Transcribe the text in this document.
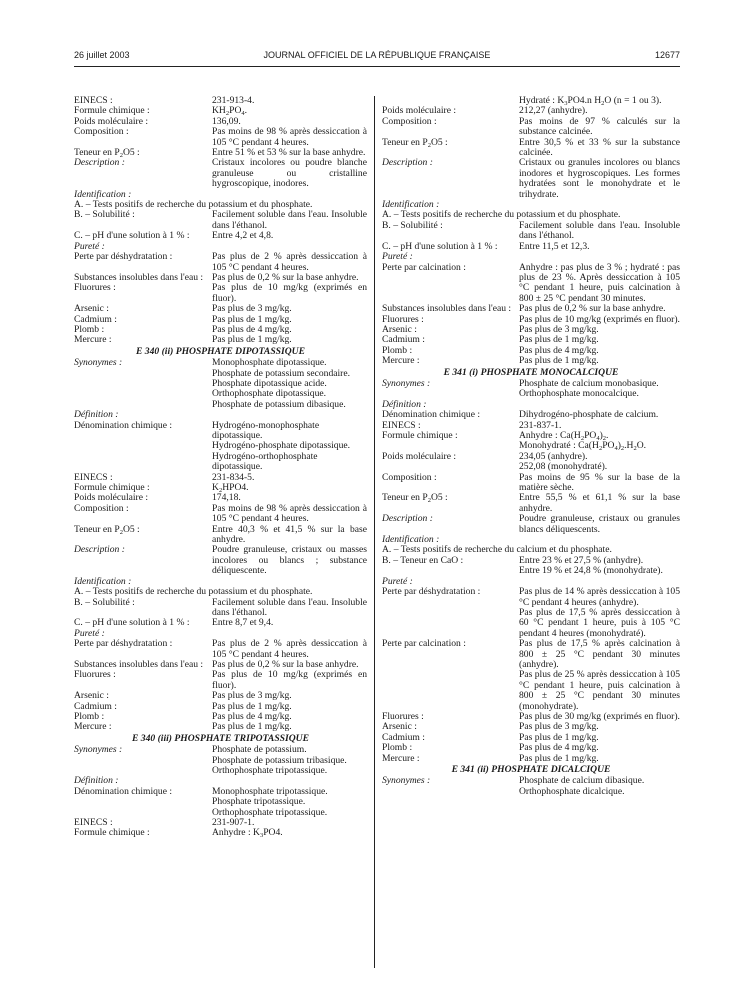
26 juillet 2003	JOURNAL OFFICIEL DE LA RÉPUBLIQUE FRANÇAISE	12677
EINECS :	231-913-4.
Formule chimique :	$KH_2PO_4$.
Poids moléculaire :	136,09.
Composition :	Pas moins de 98 % après dessiccation à 105 °C pendant 4 heures.
Teneur en $P_2O5$ :	Entre 51 % et 53 % sur la base anhydre.
Description :	Cristaux incolores ou poudre blanche granuleuse ou cristalline hygroscopique, inodores.
Identification :
A. – Tests positifs de recherche du potassium et du phosphate.
B. – Solubilité :	Facilement soluble dans l'eau. Insoluble dans l'éthanol.
C. – pH d'une solution à 1 % :	Entre 4,2 et 4,8.
Pureté :
Perte par déshydratation :	Pas plus de 2 % après dessiccation à 105 °C pendant 4 heures.
Substances insolubles dans l'eau : Pas plus de 0,2 % sur la base anhydre.
Fluorures :	Pas plus de 10 mg/kg (exprimés en fluor).
Arsenic :	Pas plus de 3 mg/kg.
Cadmium :	Pas plus de 1 mg/kg.
Plomb :	Pas plus de 4 mg/kg.
Mercure :	Pas plus de 1 mg/kg.
E 340 (ii) PHOSPHATE DIPOTASSIQUE
Synonymes :	Monophosphate dipotassique.
Phosphate de potassium secondaire.
Phosphate dipotassique acide.
Orthophosphate dipotassique.
Phosphate de potassium dibasique.
Définition :
Dénomination chimique :	Hydrogéno-monophosphate dipotassique.
Hydrogéno-phosphate dipotassique.
Hydrogéno-orthophosphate dipotassique.
EINECS :	231-834-5.
Formule chimique :	$K_2HPO4$.
Poids moléculaire :	174,18.
Composition :	Pas moins de 98 % après dessiccation à 105 °C pendant 4 heures.
Teneur en $P_2O5$ :	Entre 40,3 % et 41,5 % sur la base anhydre.
Description :	Poudre granuleuse, cristaux ou masses incolores ou blancs ; substance déliquescente.
Identification :
A. – Tests positifs de recherche du potassium et du phosphate.
B. – Solubilité :	Facilement soluble dans l'eau. Insoluble dans l'éthanol.
C. – pH d'une solution à 1 % :	Entre 8,7 et 9,4.
Pureté :
Perte par déshydratation :	Pas plus de 2 % après dessiccation à 105 °C pendant 4 heures.
Substances insolubles dans l'eau : Pas plus de 0,2 % sur la base anhydre.
Fluorures :	Pas plus de 10 mg/kg (exprimés en fluor).
Arsenic :	Pas plus de 3 mg/kg.
Cadmium :	Pas plus de 1 mg/kg.
Plomb :	Pas plus de 4 mg/kg.
Mercure :	Pas plus de 1 mg/kg.
E 340 (iii) PHOSPHATE TRIPOTASSIQUE
Synonymes :	Phosphate de potassium.
Phosphate de potassium tribasique.
Orthophosphate tripotassique.
Définition :
Dénomination chimique :	Monophosphate tripotassique.
Phosphate tripotassique.
Orthophosphate tripotassique.
EINECS :	231-907-1.
Formule chimique :	Anhydre : $K_3PO4$.
Hydraté : $K_3PO4.n$ $H_2O$ (n = 1 ou 3).
Poids moléculaire :	212,27 (anhydre).
Composition :	Pas moins de 97 % calculés sur la substance calcinée.
Teneur en $P_2O5$ :	Entre 30,5 % et 33 % sur la substance calcinée.
Description :	Cristaux ou granules incolores ou blancs inodores et hygroscopiques. Les formes hydratées sont le monohydrate et le trihydrate.
Identification :
A. – Tests positifs de recherche du potassium et du phosphate.
B. – Solubilité :	Facilement soluble dans l'eau. Insoluble dans l'éthanol.
C. – pH d'une solution à 1 % :	Entre 11,5 et 12,3.
Pureté :
Perte par calcination :	Anhydre : pas plus de 3 % ; hydraté : pas plus de 23 %. Après dessiccation à 105 °C pendant 1 heure, puis calcination à 800 ± 25 °C pendant 30 minutes.
Substances insolubles dans l'eau : Pas plus de 0,2 % sur la base anhydre.
Fluorures :	Pas plus de 10 mg/kg (exprimés en fluor).
Arsenic :	Pas plus de 3 mg/kg.
Cadmium :	Pas plus de 1 mg/kg.
Plomb :	Pas plus de 4 mg/kg.
Mercure :	Pas plus de 1 mg/kg.
E 341 (i) PHOSPHATE MONOCALCIQUE
Synonymes :	Phosphate de calcium monobasique.
Orthophosphate monocalcique.
Définition :
Dénomination chimique :	Dihydrogéno-phosphate de calcium.
EINECS :	231-837-1.
Formule chimique :	Anhydre : $Ca(H_2PO_4)_2$.
Monohydraté : $Ca(H_2PO_4)_2.H_2O$.
Poids moléculaire :	234,05 (anhydre).
252,08 (monohydraté).
Composition :	Pas moins de 95 % sur la base de la matière sèche.
Teneur en $P_2O5$ :	Entre 55,5 % et 61,1 % sur la base anhydre.
Description :	Poudre granuleuse, cristaux ou granules blancs déliquescents.
Identification :
A. – Tests positifs de recherche du calcium et du phosphate.
B. – Teneur en CaO :	Entre 23 % et 27,5 % (anhydre).
Entre 19 % et 24,8 % (monohydrate).
Pureté :
Perte par déshydratation :	Pas plus de 14 % après dessiccation à 105 °C pendant 4 heures (anhydre).
Pas plus de 17,5 % après dessiccation à 60 °C pendant 1 heure, puis à 105 °C pendant 4 heures (monohydraté).
Perte par calcination :	Pas plus de 17,5 % après calcination à 800 ± 25 °C pendant 30 minutes (anhydre).
Pas plus de 25 % après dessiccation à 105 °C pendant 1 heure, puis calcination à 800 ± 25 °C pendant 30 minutes (monohydrate).
Fluorures :	Pas plus de 30 mg/kg (exprimés en fluor).
Arsenic :	Pas plus de 3 mg/kg.
Cadmium :	Pas plus de 1 mg/kg.
Plomb :	Pas plus de 4 mg/kg.
Mercure :	Pas plus de 1 mg/kg.
E 341 (ii) PHOSPHATE DICALCIQUE
Synonymes :	Phosphate de calcium dibasique.
Orthophosphate dicalcique.
